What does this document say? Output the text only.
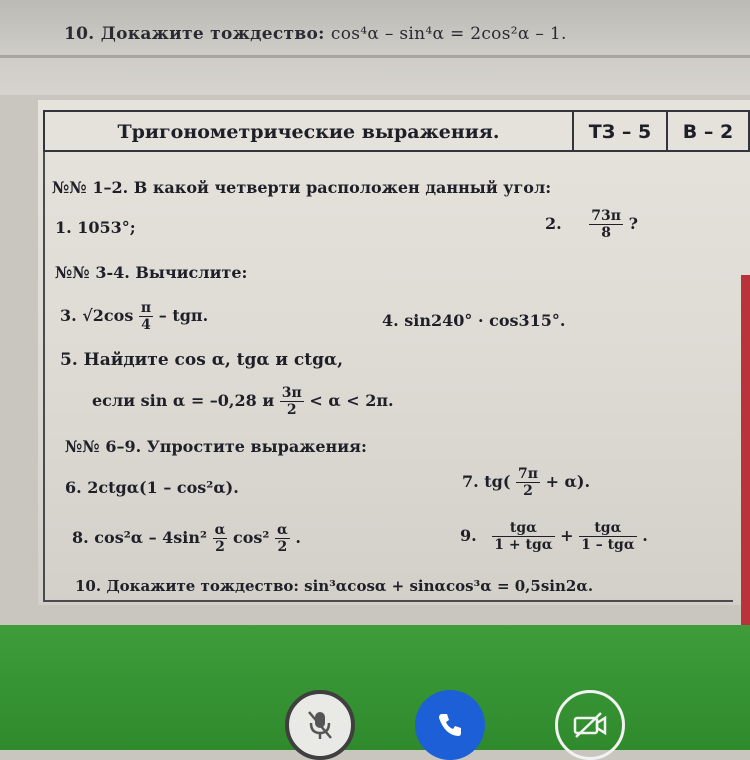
10. Докажите тождество: cos⁴α – sin⁴α = 2cos²α – 1.
Тригонометрические выражения.	ТЗ – 5	В – 2
№№ 1–2. В какой четверти расположен данный угол:
1. 1053°;	2. $\frac{73\pi}{8}$ ?
№№ 3-4. Вычислите:
3. $√2\cos \frac{\pi}{4}$ – tgπ.	4. sin240° · cos315°.
5. Найдите cos α, tgα и ctgα,
если sin α = –0,28 и $\frac{3\pi}{2} < \alpha < 2\pi$.
№№ 6–9. Упростите выражения:
6. 2ctgα(1 – cos²α).	7. $tg( \frac{7\pi}{2} + \alpha)$.
8. $\cos^2\alpha - 4\sin^2 \frac{\alpha}{2} \cos^2 \frac{\alpha}{2}$ .	9. $\frac{\text{tgα}}{\text{1 + tgα}} + \frac{\text{tgα}}{\text{1 – tgα}}$ .
10. Докажите тождество: sin³αcosα + sinαcos³α = 0,5sin2α.
